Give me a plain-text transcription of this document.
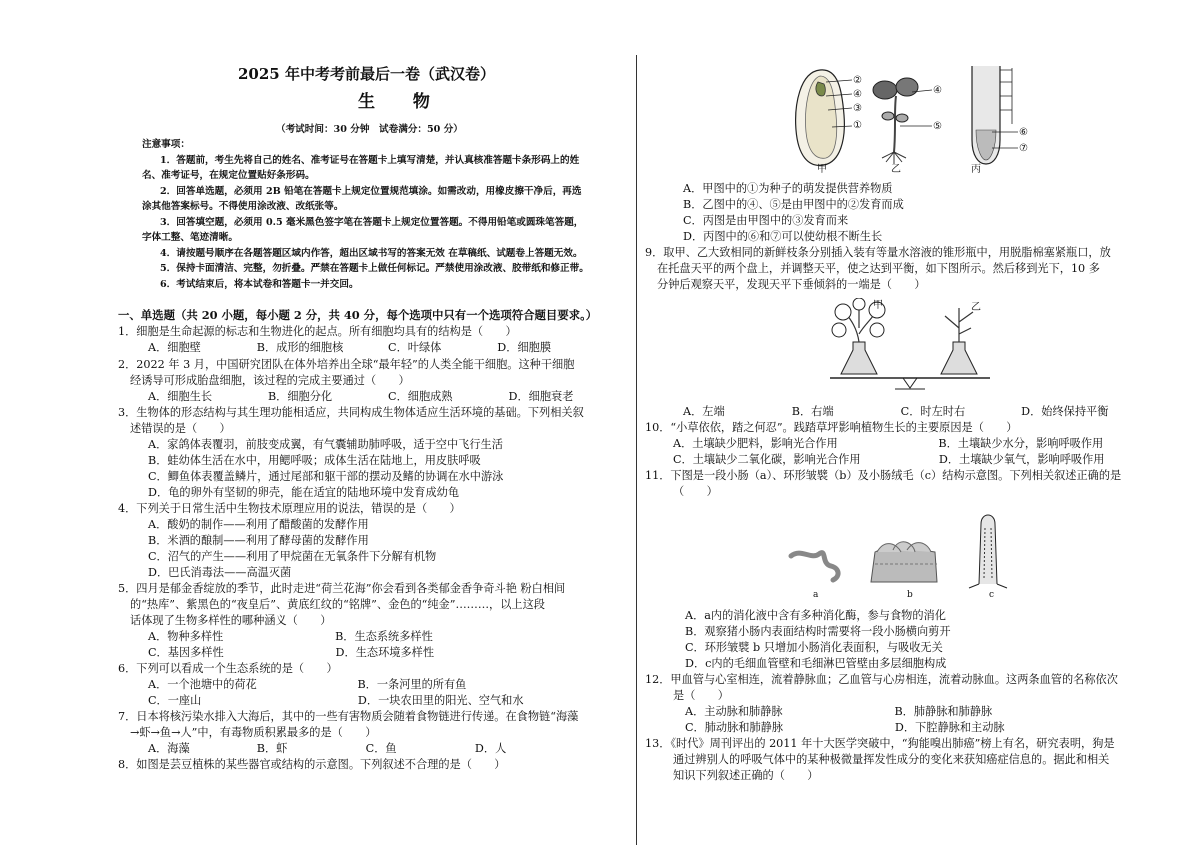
2025 年中考考前最后一卷（武汉卷）
生 物
（考试时间：30 分钟　试卷满分：50 分）
注意事项：
1．答题前，考生先将自己的姓名、准考证号在答题卡上填写清楚，并认真核准答题卡条形码上的姓
名、准考证号，在规定位置贴好条形码。
2．回答单选题，必须用 2B 铅笔在答题卡上规定位置规范填涂。如需改动，用橡皮擦干净后，再选
涂其他答案标号。不得使用涂改液、改纸张等。
3．回答填空题，必须用 0.5 毫米黑色签字笔在答题卡上规定位置答题。不得用铅笔或圆珠笔答题，
字体工整、笔迹清晰。
4．请按题号顺序在各题答题区域内作答，超出区域书写的答案无效 在草稿纸、试题卷上答题无效。
5．保持卡面清洁、完整，勿折叠。严禁在答题卡上做任何标记。严禁使用涂改液、胶带纸和修正带。
6．考试结束后，将本试卷和答题卡一并交回。
一、单选题（共 20 小题，每小题 2 分，共 40 分，每个选项中只有一个选项符合题目要求。）
1．细胞是生命起源的标志和生物进化的起点。所有细胞均具有的结构是（　　）
A．细胞壁　　　　　B．成形的细胞核　　　　C．叶绿体　　　　　D．细胞膜
2．2022 年 3 月，中国研究团队在体外培养出全球“最年轻”的人类全能干细胞。这种干细胞
经诱导可形成胎盘细胞，该过程的完成主要通过（　　）
A．细胞生长　　　　　B．细胞分化　　　　　C．细胞成熟　　　　　D．细胞衰老
3．生物体的形态结构与其生理功能相适应，共同构成生物体适应生活环境的基础。下列相关叙
述错误的是（　　）
A．家鸽体表覆羽，前肢变成翼，有气囊辅助肺呼吸，适于空中飞行生活
B．蛙幼体生活在水中，用鳃呼吸；成体生活在陆地上，用皮肤呼吸
C．鲫鱼体表覆盖鳞片，通过尾部和躯干部的摆动及鳍的协调在水中游泳
D．龟的卵外有坚韧的卵壳，能在适宜的陆地环境中发育成幼龟
4．下列关于日常生活中生物技术原理应用的说法，错误的是（　　）
A．酸奶的制作——利用了醋酸菌的发酵作用
B．米酒的酿制——利用了酵母菌的发酵作用
C．沼气的产生——利用了甲烷菌在无氧条件下分解有机物
D．巴氏消毒法——高温灭菌
5．四月是郁金香绽放的季节，此时走进“荷兰花海”你会看到各类郁金香争奇斗艳 粉白相间
的“热库”、紫黑色的“夜皇后”、黄底红纹的“铭牌”、金色的“纯金”………，以上这段
话体现了生物多样性的哪种涵义（　　）
A．物种多样性　　　　　　　　　　B．生态系统多样性
C．基因多样性　　　　　　　　　　D．生态环境多样性
6．下列可以看成一个生态系统的是（　　）
A．一个池塘中的荷花　　　　　　　　　B．一条河里的所有鱼
C．一座山　　　　　　　　　　　　　　D．一块农田里的阳光、空气和水
7．日本将核污染水排入大海后，其中的一些有害物质会随着食物链进行传递。在食物链“海藻
→虾→鱼→人”中，有毒物质积累最多的是（　　）
A．海藻　　　　　　B．虾　　　　　　　C．鱼　　　　　　　D．人
8．如图是芸豆植株的某些器官或结构的示意图。下列叙述不合理的是（　　）
②
④
③
①
④
⑤
⑥
⑦
甲	乙	丙
A．甲图中的①为种子的萌发提供营养物质
B．乙图中的④、⑤是由甲图中的②发育而成
C．丙图是由甲图中的③发育而来
D．丙图中的⑥和⑦可以使幼根不断生长
9．取甲、乙大致相同的新鲜枝条分别插入装有等量水溶液的锥形瓶中，用脱脂棉塞紧瓶口，放
在托盘天平的两个盘上，并调整天平，使之达到平衡，如下图所示。然后移到光下，10 多
分钟后观察天平，发现天平下垂倾斜的一端是（　　）
甲	乙
A．左端　　　　　　B．右端　　　　　　C．时左时右　　　　　D．始终保持平衡
10．“小草依依，踏之何忍”。践踏草坪影响植物生长的主要原因是（　　）
A．土壤缺少肥料，影响光合作用　　　　　　　　　B．土壤缺少水分，影响呼吸作用
C．土壤缺少二氧化碳，影响光合作用　　　　　　　D．土壤缺少氧气，影响呼吸作用
11．下图是一段小肠（a）、环形皱襞（b）及小肠绒毛（c）结构示意图。下列相关叙述正确的是
（　　）
a	b	c
A．a内的消化液中含有多种消化酶，参与食物的消化
B．观察猪小肠内表面结构时需要将一段小肠横向剪开
C．环形皱襞 b 只增加小肠消化表面积，与吸收无关
D．c内的毛细血管壁和毛细淋巴管壁由多层细胞构成
12．甲血管与心室相连，流着静脉血；乙血管与心房相连，流着动脉血。这两条血管的名称依次
是（　　）
A．主动脉和肺静脉　　　　　　　　　　B．肺静脉和肺静脉
C．肺动脉和肺静脉　　　　　　　　　　D．下腔静脉和主动脉
13．《时代》周刊评出的 2011 年十大医学突破中，“狗能嗅出肺癌”榜上有名，研究表明，狗是
通过辨别人的呼吸气体中的某种极微量挥发性成分的变化来获知癌症信息的。据此和相关
知识下列叙述正确的（　　）
